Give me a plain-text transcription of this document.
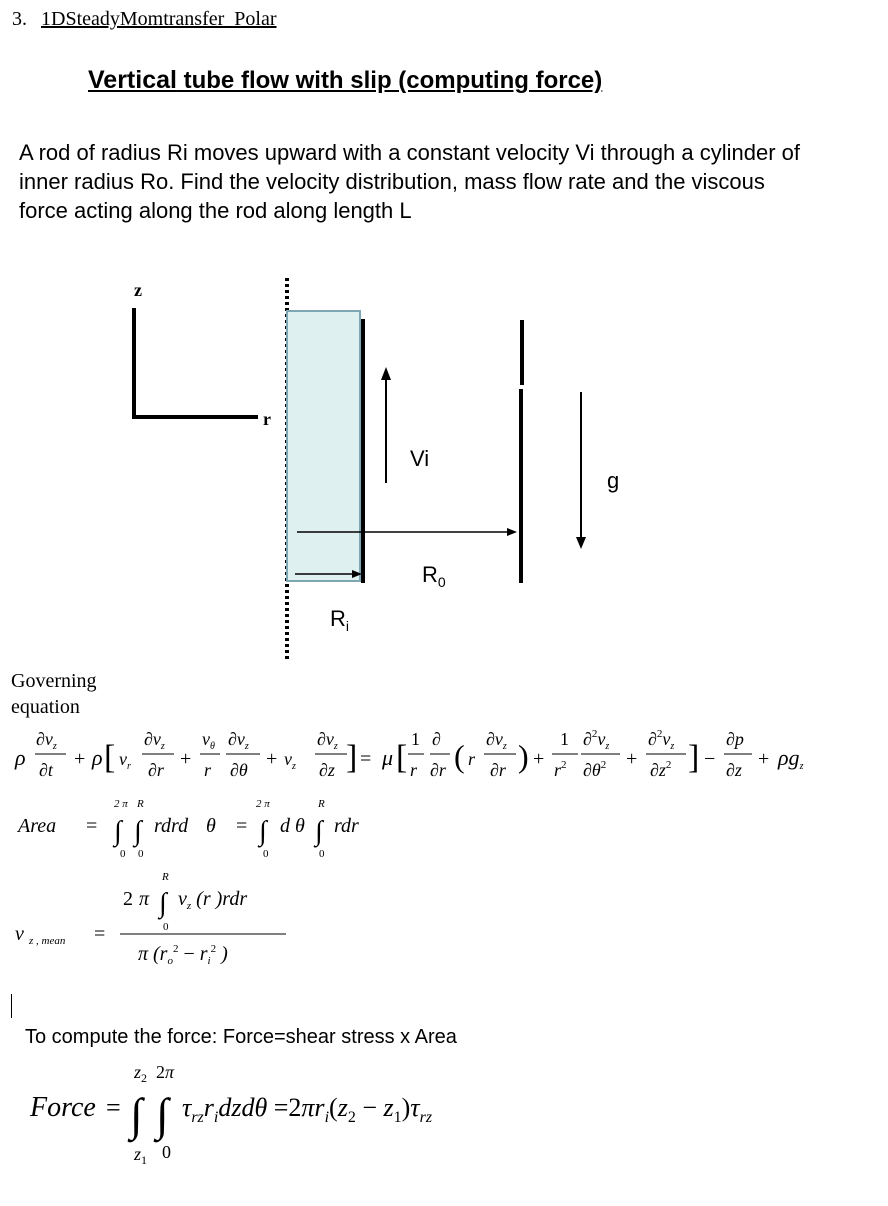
3. 1DSteadyMomtransfer_Polar
Vertical tube flow with slip (computing force)
A rod of radius Ri moves upward with a constant velocity Vi through a cylinder of inner radius Ro. Find the velocity distribution, mass flow rate and the viscous force acting along the rod along length L
z
r
Vi
$R_0$
$R_i$
g
Governing equation
ρ
$\partial v_z$
∂t + ρ [ $v_r$
$\partial v_z$
∂r +
$v_\theta$
r
$\partial v_z$
$\partial\theta + v_z$
$\partial v_z$
∂z ] = μ [ 1
r
∂
∂r ( r
$\partial v_z$
∂r ) +
1
$r^2$
$\partial^2v_z$
$\partial\theta^2$ +
$\partial^2v_z$
$\partial z^2$ ] −
∂p
∂z + ρgz
Area =
2 π R
∫ ∫
0 0
rdrd θ =
2 π
∫
0
d θ
R
∫
0
rdr
v z , mean =
2 π
R
∫
0
$v_z$ (r )rdr
π ($r_o^2 - r_i^2$ )
To compute the force: Force=shear stress x Area
Force =
$z_2$ 2π
∫ ∫
$z_1$ 0
$\tau_{rz}r_idzd\theta =2\pi r_i(z_2 - z_1)\tau_{rz}$
